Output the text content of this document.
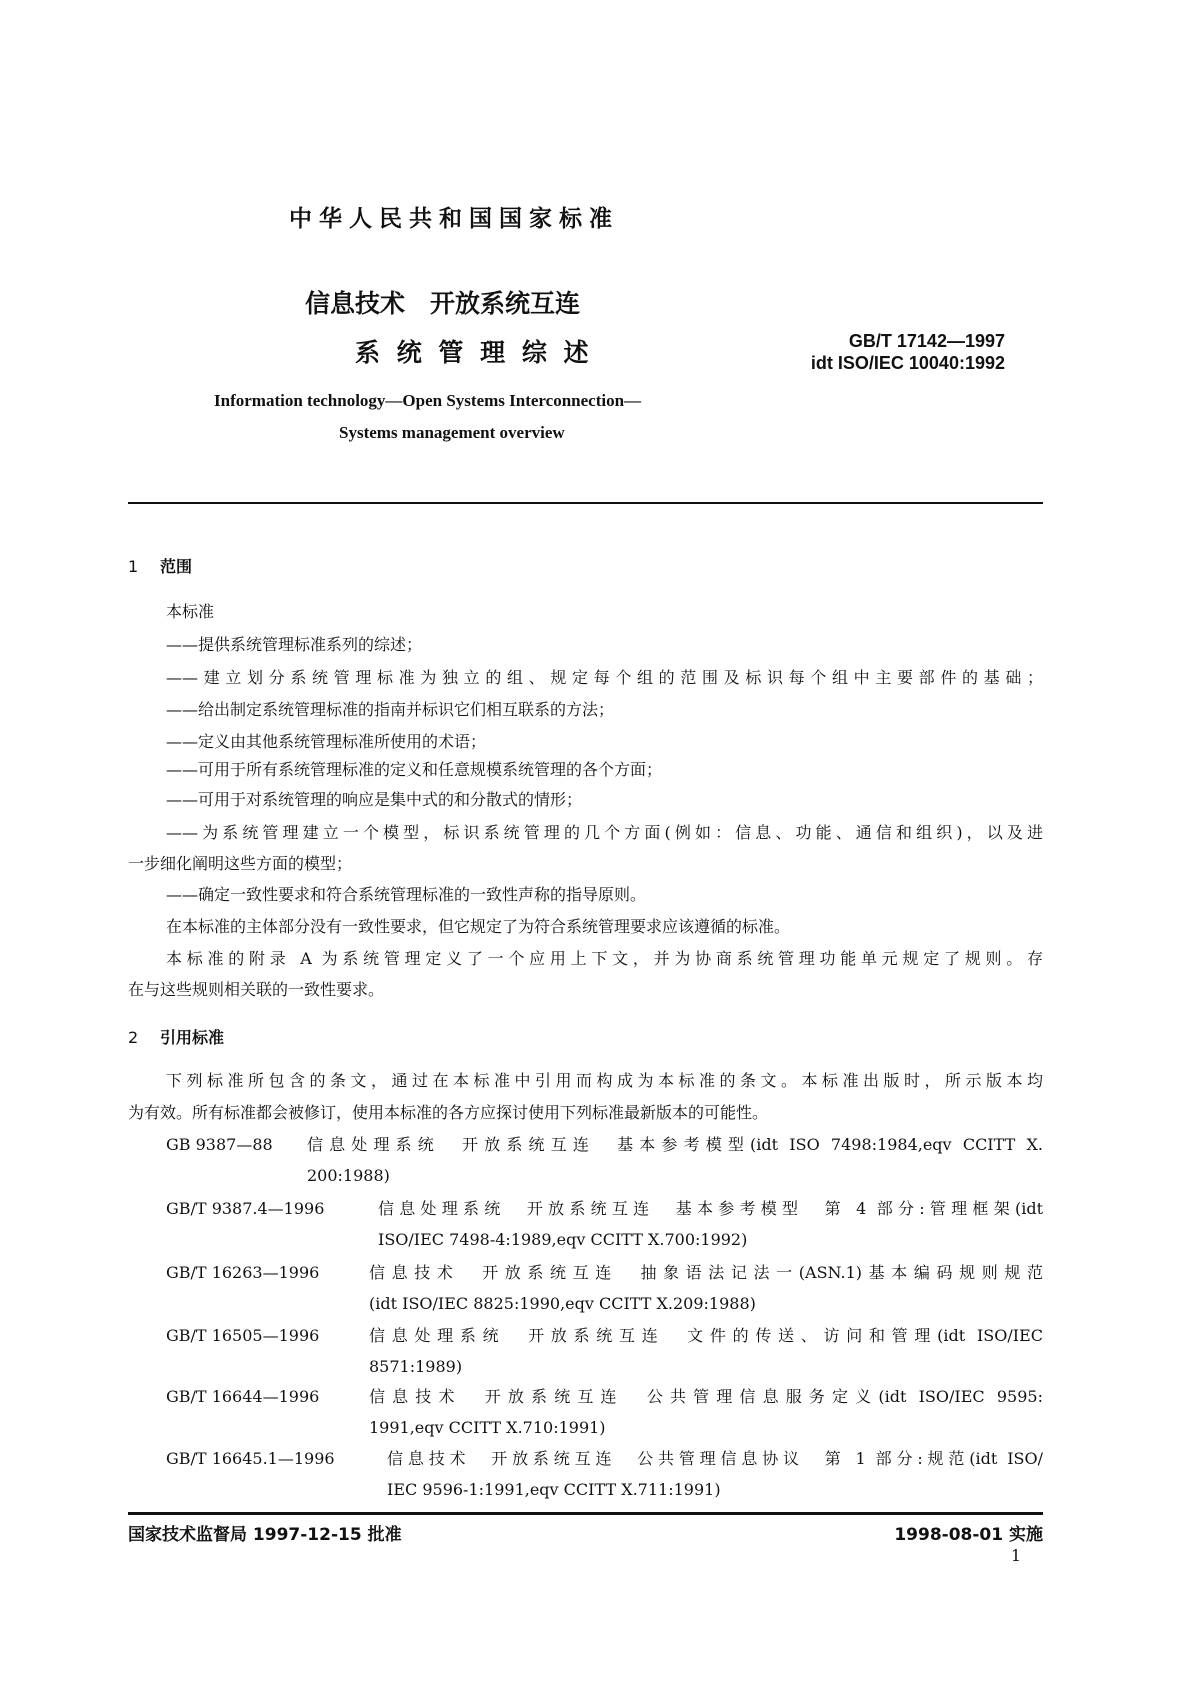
中华人民共和国国家标准
信息技术　开放系统互连
系 统 管 理 综 述	GB/T 17142—1997
idt ISO/IEC 10040:1992
Information technology—Open Systems Interconnection—
Systems management overview
1 范围
本标准
——提供系统管理标准系列的综述；
——建立划分系统管理标准为独立的组、规定每个组的范围及标识每个组中主要部件的基础；
——给出制定系统管理标准的指南并标识它们相互联系的方法；
——定义由其他系统管理标准所使用的术语；
——可用于所有系统管理标准的定义和任意规模系统管理的各个方面；
——可用于对系统管理的响应是集中式的和分散式的情形；
——为系统管理建立一个模型，标识系统管理的几个方面(例如：信息、功能、通信和组织)，以及进
一步细化阐明这些方面的模型；
——确定一致性要求和符合系统管理标准的一致性声称的指导原则。
在本标准的主体部分没有一致性要求，但它规定了为符合系统管理要求应该遵循的标准。
本标准的附录 A 为系统管理定义了一个应用上下文，并为协商系统管理功能单元规定了规则。存
在与这些规则相关联的一致性要求。
2 引用标准
下列标准所包含的条文，通过在本标准中引用而构成为本标准的条文。本标准出版时，所示版本均
为有效。所有标准都会被修订，使用本标准的各方应探讨使用下列标准最新版本的可能性。
GB 9387—88 信息处理系统　开放系统互连　基本参考模型(idt ISO 7498:1984,eqv CCITT X.
200:1988)
GB/T 9387.4—1996	信息处理系统　开放系统互连　基本参考模型　第 4 部分:管理框架(idt
ISO/IEC 7498-4:1989,eqv CCITT X.700:1992)
GB/T 16263—1996	信息技术　开放系统互连　抽象语法记法一(ASN.1)基本编码规则规范
(idt ISO/IEC 8825:1990,eqv CCITT X.209:1988)
GB/T 16505—1996	信息处理系统　开放系统互连　文件的传送、访问和管理(idt ISO/IEC
8571:1989)
GB/T 16644—1996	信息技术　开放系统互连　公共管理信息服务定义(idt ISO/IEC 9595:
1991,eqv CCITT X.710:1991)
GB/T 16645.1—1996	信息技术　开放系统互连　公共管理信息协议　第 1 部分:规范(idt ISO/
IEC 9596-1:1991,eqv CCITT X.711:1991)
国家技术监督局 1997-12-15 批准	1998-08-01 实施
1
